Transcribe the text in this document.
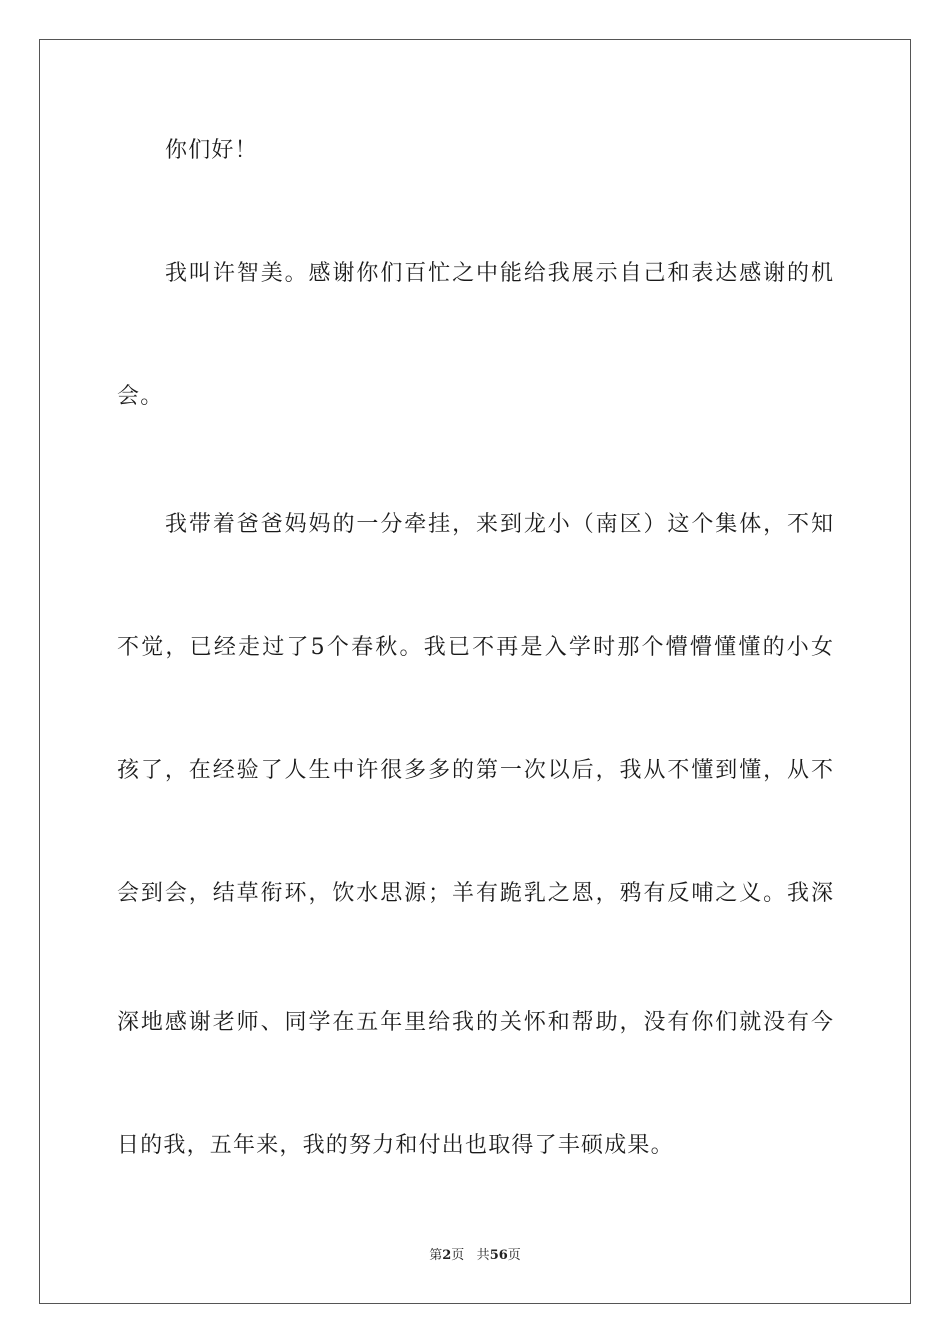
你们好！
我叫许智美。感谢你们百忙之中能给我展示自己和表达感谢的机
会。
我带着爸爸妈妈的一分牵挂，来到龙小（南区）这个集体，不知
不觉，已经走过了5个春秋。我已不再是入学时那个懵懵懂懂的小女
孩了，在经验了人生中许很多多的第一次以后，我从不懂到懂，从不
会到会，结草衔环，饮水思源；羊有跪乳之恩，鸦有反哺之义。我深
深地感谢老师、同学在五年里给我的关怀和帮助，没有你们就没有今
日的我，五年来，我的努力和付出也取得了丰硕成果。
第2页 共56页
